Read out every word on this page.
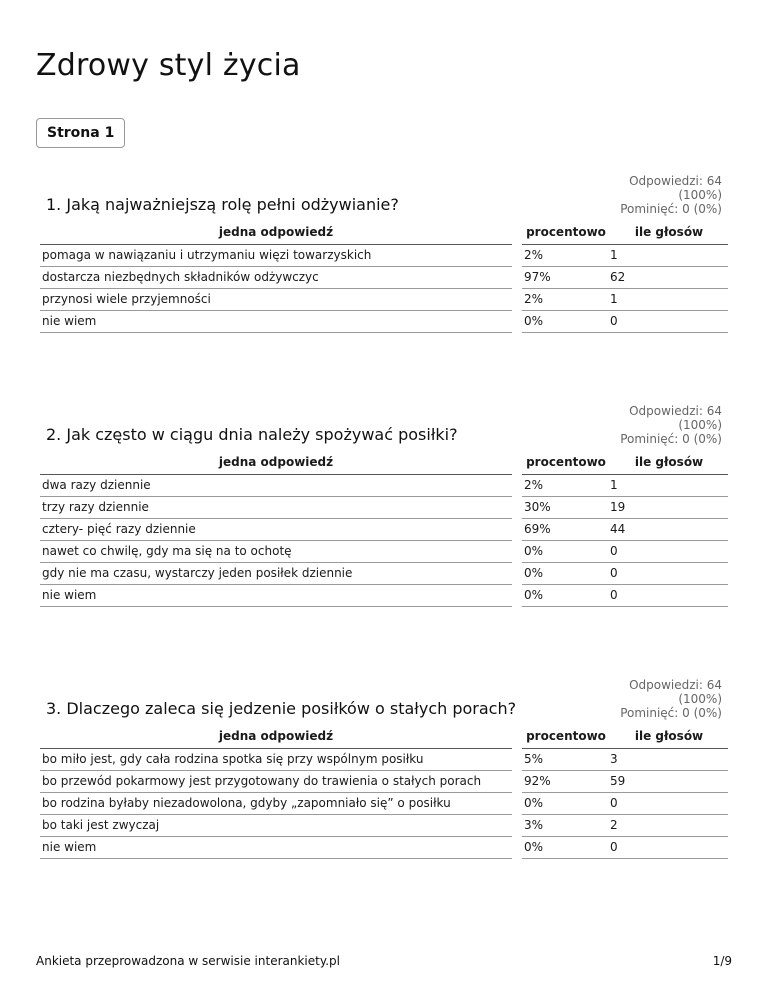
Zdrowy styl życia
Strona 1
1. Jaką najważniejszą rolę pełni odżywianie?
Odpowiedzi: 64
(100%)
Pominięć: 0 (0%)
jedna odpowiedź		procentowo	ile głosów
pomaga w nawiązaniu i utrzymaniu więzi towarzyskich		2%	1
dostarcza niezbędnych składników odżywczyc		97%	62
przynosi wiele przyjemności		2%	1
nie wiem		0%	0
2. Jak często w ciągu dnia należy spożywać posiłki?
Odpowiedzi: 64
(100%)
Pominięć: 0 (0%)
jedna odpowiedź		procentowo	ile głosów
dwa razy dziennie		2%	1
trzy razy dziennie		30%	19
cztery- pięć razy dziennie		69%	44
nawet co chwilę, gdy ma się na to ochotę		0%	0
gdy nie ma czasu, wystarczy jeden posiłek dziennie		0%	0
nie wiem		0%	0
3. Dlaczego zaleca się jedzenie posiłków o stałych porach?
Odpowiedzi: 64
(100%)
Pominięć: 0 (0%)
jedna odpowiedź		procentowo	ile głosów
bo miło jest, gdy cała rodzina spotka się przy wspólnym posiłku		5%	3
bo przewód pokarmowy jest przygotowany do trawienia o stałych porach		92%	59
bo rodzina byłaby niezadowolona, gdyby „zapomniało się” o posiłku		0%	0
bo taki jest zwyczaj		3%	2
nie wiem		0%	0
Ankieta przeprowadzona w serwisie interankiety.pl	1/9
